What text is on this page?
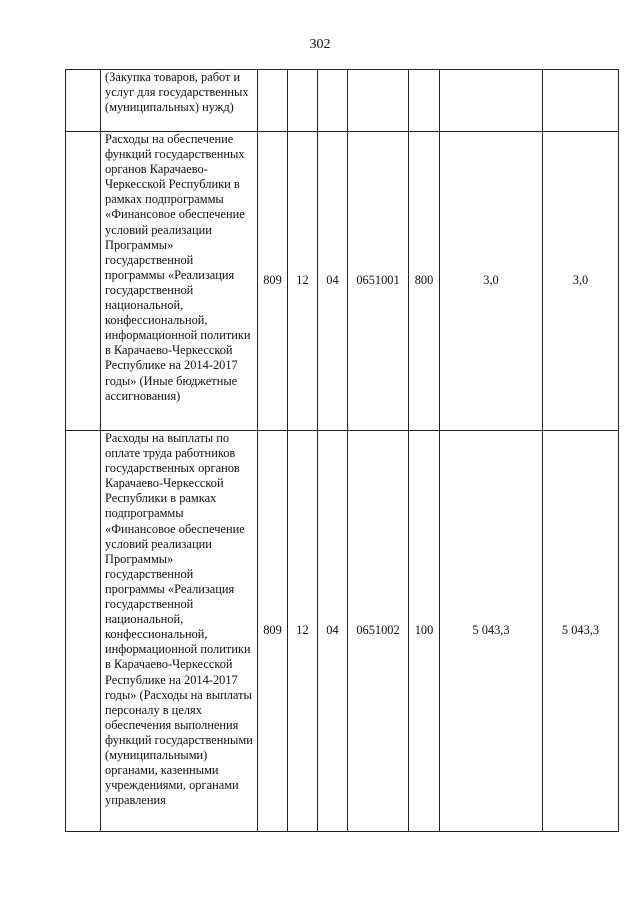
302
	(Закупка товаров, работ и услуг для государственных (муниципальных) нужд)							
	Расходы на обеспечение функций государственных органов Карачаево-Черкесской Республики в рамках подпрограммы «Финансовое обеспечение условий реализации Программы» государственной программы «Реализация государственной национальной, конфессиональной, информационной политики в Карачаево-Черкесской Республике на 2014-2017 годы» (Иные бюджетные ассигнования)	809	12	04	0651001	800	3,0	3,0
	Расходы на выплаты по оплате труда работников государственных органов Карачаево-Черкесской Республики в рамках подпрограммы «Финансовое обеспечение условий реализации Программы» государственной программы «Реализация государственной национальной, конфессиональной, информационной политики в Карачаево-Черкесской Республике на 2014-2017 годы» (Расходы на выплаты персоналу в целях обеспечения выполнения функций государственными (муниципальными) органами, казенными учреждениями, органами управления	809	12	04	0651002	100	5 043,3	5 043,3
